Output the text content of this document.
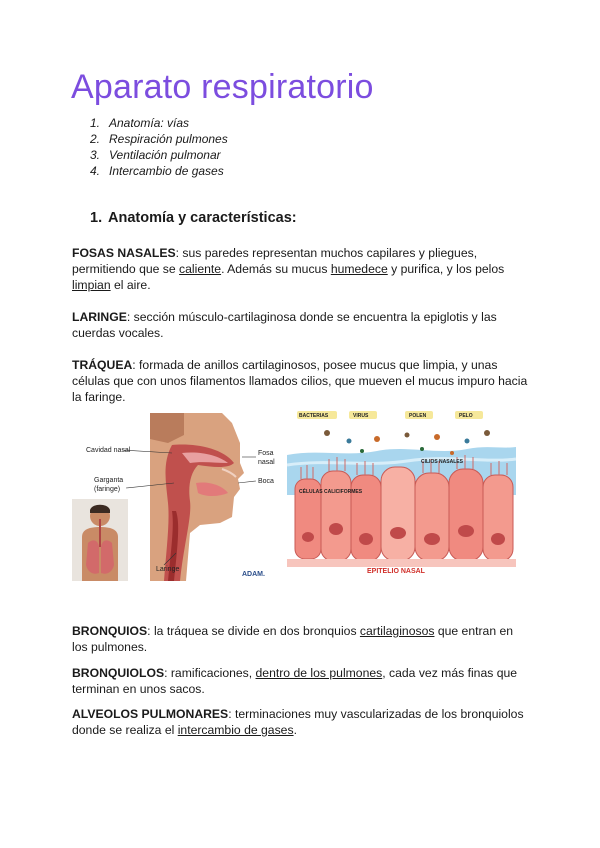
Aparato respiratorio
1. Anatomía: vías
2. Respiración pulmones
3. Ventilación pulmonar
4. Intercambio de gases
1. Anatomía y características:

FOSAS NASALES: sus paredes representan muchos capilares y pliegues, permitiendo que se caliente. Además su mucus humedece y purifica, y los pelos limpian el aire.

LARINGE: sección músculo-cartilaginosa donde se encuentra la epiglotis y las cuerdas vocales.

TRÁQUEA: formada de anillos cartilaginosos, posee mucus que limpia, y unas células que con unos filamentos llamados cilios, que mueven el mucus impuro hacia la faringe.

Cavidad nasal
Garganta
(faringe)
Fosa
nasal
Boca
Laringe
ADAM.
BACTERIAS	VIRUS	POLEN	PELO
CILIOS NASALES
CÉLULAS CALICIFORMES
EPITELIO NASAL

BRONQUIOS: la tráquea se divide en dos bronquios cartilaginosos que entran en los pulmones.

BRONQUIOLOS: ramificaciones, dentro de los pulmones, cada vez más finas que terminan en unos sacos.

ALVEOLOS PULMONARES: terminaciones muy vascularizadas de los bronquiolos donde se realiza el intercambio de gases.
